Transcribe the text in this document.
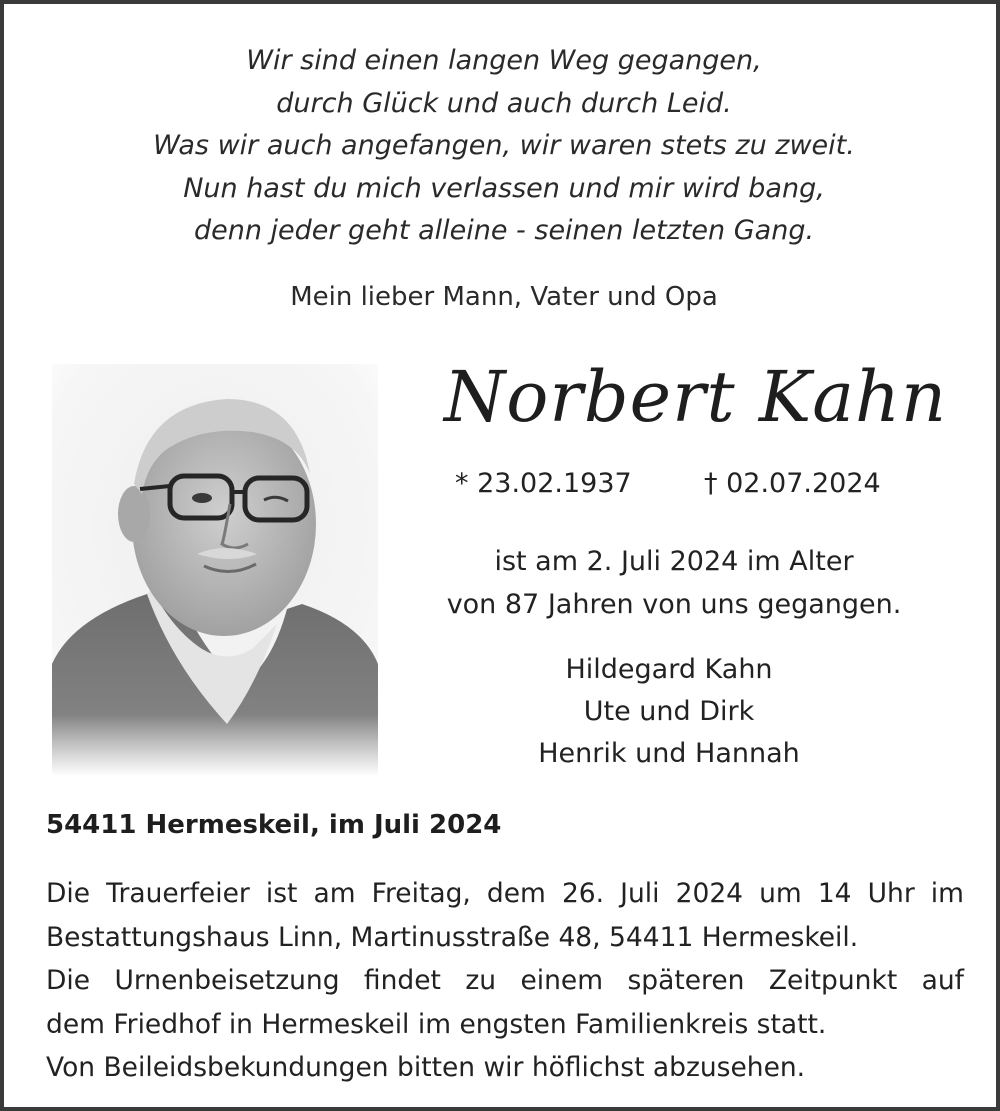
Wir sind einen langen Weg gegangen,
durch Glück und auch durch Leid.
Was wir auch angefangen, wir waren stets zu zweit.
Nun hast du mich verlassen und mir wird bang,
denn jeder geht alleine - seinen letzten Gang.
Mein lieber Mann, Vater und Opa
Norbert Kahn
* 23.02.1937	† 02.07.2024
ist am 2. Juli 2024 im Alter
von 87 Jahren von uns gegangen.
Hildegard Kahn
Ute und Dirk
Henrik und Hannah
54411 Hermeskeil, im Juli 2024
Die Trauerfeier ist am Freitag, dem 26. Juli 2024 um 14 Uhr im
Bestattungshaus Linn, Martinusstraße 48, 54411 Hermeskeil.
Die Urnenbeisetzung findet zu einem späteren Zeitpunkt auf
dem Friedhof in Hermeskeil im engsten Familienkreis statt.
Von Beileidsbekundungen bitten wir höflichst abzusehen.
